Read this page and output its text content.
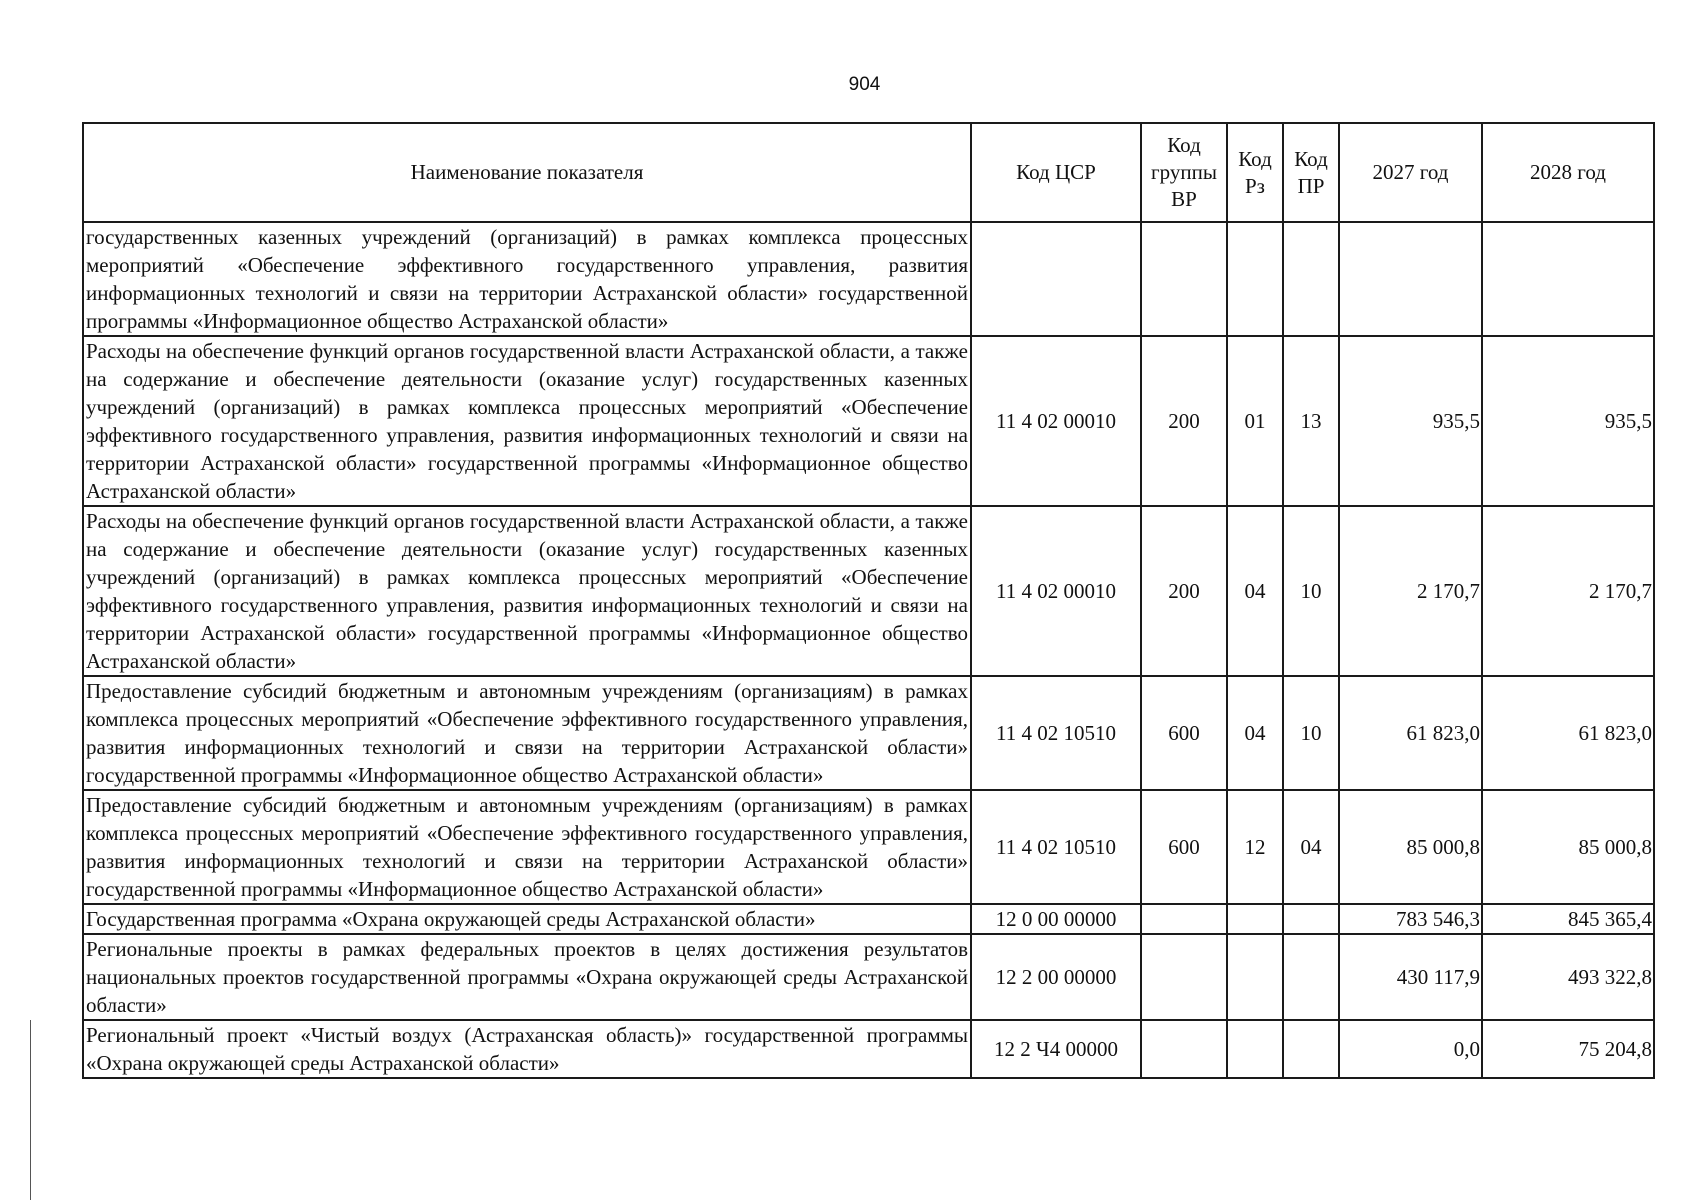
904
Наименование показателя	Код ЦСР	Код группы ВР	Код Рз	Код ПР	2027 год	2028 год
государственных казенных учреждений (организаций) в рамках комплекса процессных мероприятий «Обеспечение эффективного государственного управления, развития информационных технологий и связи на территории Астраханской области» государственной программы «Информационное общество Астраханской области»						
Расходы на обеспечение функций органов государственной власти Астраханской области, а также на содержание и обеспечение деятельности (оказание услуг) государственных казенных учреждений (организаций) в рамках комплекса процессных мероприятий «Обеспечение эффективного государственного управления, развития информационных технологий и связи на территории Астраханской области» государственной программы «Информационное общество Астраханской области»	11 4 02 00010	200	01	13	935,5	935,5
Расходы на обеспечение функций органов государственной власти Астраханской области, а также на содержание и обеспечение деятельности (оказание услуг) государственных казенных учреждений (организаций) в рамках комплекса процессных мероприятий «Обеспечение эффективного государственного управления, развития информационных технологий и связи на территории Астраханской области» государственной программы «Информационное общество Астраханской области»	11 4 02 00010	200	04	10	2 170,7	2 170,7
Предоставление субсидий бюджетным и автономным учреждениям (организациям) в рамках комплекса процессных мероприятий «Обеспечение эффективного государственного управления, развития информационных технологий и связи на территории Астраханской области» государственной программы «Информационное общество Астраханской области»	11 4 02 10510	600	04	10	61 823,0	61 823,0
Предоставление субсидий бюджетным и автономным учреждениям (организациям) в рамках комплекса процессных мероприятий «Обеспечение эффективного государственного управления, развития информационных технологий и связи на территории Астраханской области» государственной программы «Информационное общество Астраханской области»	11 4 02 10510	600	12	04	85 000,8	85 000,8
Государственная программа «Охрана окружающей среды Астраханской области»	12 0 00 00000				783 546,3	845 365,4
Региональные проекты в рамках федеральных проектов в целях достижения результатов национальных проектов государственной программы «Охрана окружающей среды Астраханской области»	12 2 00 00000				430 117,9	493 322,8
Региональный проект «Чистый воздух (Астраханская область)» государственной программы «Охрана окружающей среды Астраханской области»	12 2 Ч4 00000				0,0	75 204,8
